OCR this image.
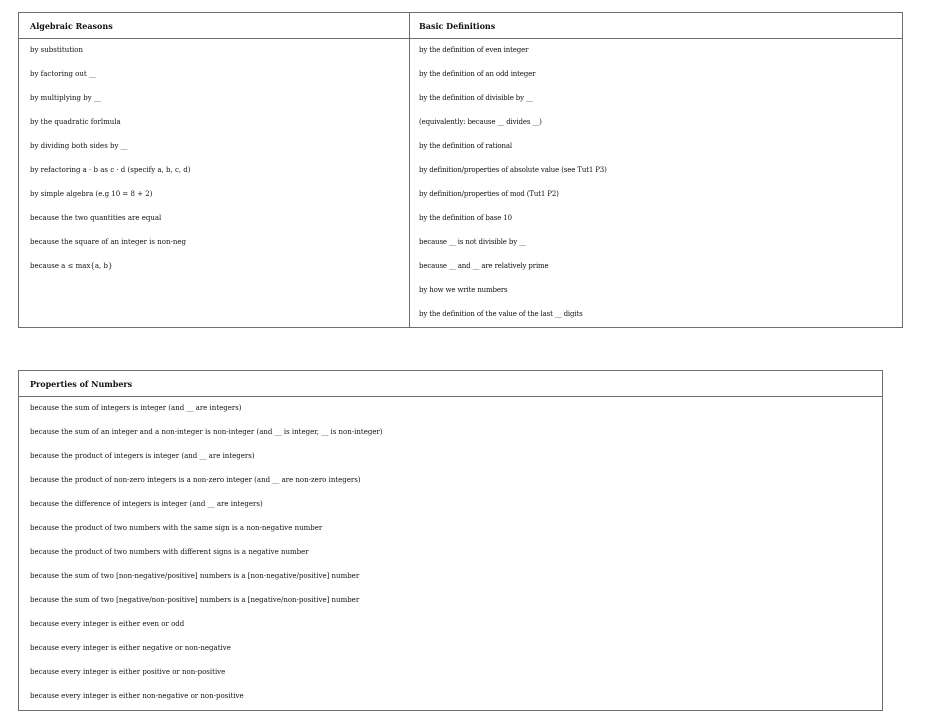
Algebraic Reasons
by substitution
by factoring out __
by multiplying by __
by the quadratic forlmula
by dividing both sides by __
by refactoring a · b as c · d (specify a, b, c, d)
by simple algebra (e.g 10 = 8 + 2)
because the two quantities are equal
because the square of an integer is non-neg
because a ≤ max{a, b}
Basic Definitions
by the definition of even integer
by the definition of an odd integer
by the definition of divisible by __
(equivalently: because __ divides __)
by the definition of rational
by definition/properties of absolute value (see Tut1 P3)
by definition/properties of mod (Tut1 P2)
by the definition of base 10
because __ is not divisible by __
because __ and __ are relatively prime
by how we write numbers
by the definition of the value of the last __ digits
Properties of Numbers
because the sum of integers is integer (and __ are integers)
because the sum of an integer and a non-integer is non-integer (and __ is integer, __ is non-integer)
because the product of integers is integer (and __ are integers)
because the product of non-zero integers is a non-zero integer (and __ are non-zero integers)
because the difference of integers is integer (and __ are integers)
because the product of two numbers with the same sign is a non-negative number
because the product of two numbers with different signs is a negative number
because the sum of two [non-negative/positive] numbers is a [non-negative/positive] number
because the sum of two [negative/non-positive] numbers is a [negative/non-positive] number
because every integer is either even or odd
because every integer is either negative or non-negative
because every integer is either positive or non-positive
because every integer is either non-negative or non-positive
